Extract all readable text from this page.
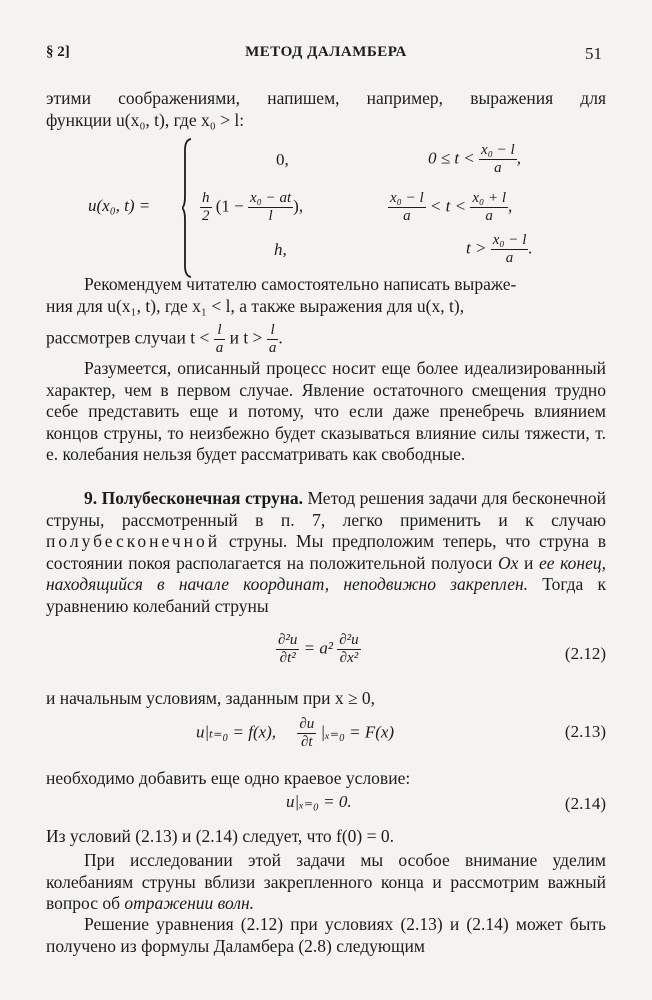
§ 2]	МЕТОД ДАЛАМБЕРА	51
этими соображениями, напишем, например, выражения для
функции u(x₀, t), где x₀ > l:
u(x₀, t) =
0,	$0 \le t < \frac{\text{x₀ − l}}{a}$ ,
$\frac{h}{2} (1 - \frac{\text{x₀ − at}}{l}$ ),	$\frac{\text{x₀ − l}}{a} < t < \frac{\text{x₀ + l}}{a}$ ,
h,	$t > \frac{\text{x₀ − l}}{a}$ .
Рекомендуем читателю самостоятельно написать выраже-
ния для u(x₁, t), где x₁ < l, а также выражения для u(x, t),
рассмотрев случаи $t < \frac{l}{a}$ и $t > \frac{l}{a}$ .
Разумеется, описанный процесс носит еще более идеализированный характер, чем в первом случае. Явление остаточного смещения трудно себе представить еще и потому, что если даже пренебречь влиянием концов струны, то неизбежно будет сказываться влияние силы тяжести, т. е. колебания нельзя будет рассматривать как свободные.
9. Полубесконечная струна. Метод решения задачи для бесконечной струны, рассмотренный в п. 7, легко применить и к случаю полубесконечной струны. Мы предположим теперь, что струна в состоянии покоя располагается на положительной полуоси Ox и ее конец, находящийся в начале координат, неподвижно закреплен. Тогда к уравнению колебаний струны
$\frac{\text{∂²u}}{\text{∂t²}} = a^2 \frac{\text{∂²u}}{\text{∂x²}}$	(2.12)
и начальным условиям, заданным при x ≥ 0,
u|ₜ₌₀ = f(x), $\frac{\partial u}{\partial t} |_{x=0} = F(x)$	(2.13)
необходимо добавить еще одно краевое условие:
u|ₓ₌₀ = 0.	(2.14)
Из условий (2.13) и (2.14) следует, что f(0) = 0.
При исследовании этой задачи мы особое внимание уделим колебаниям струны вблизи закрепленного конца и рассмотрим важный вопрос об отражении волн.
Решение уравнения (2.12) при условиях (2.13) и (2.14) может быть получено из формулы Даламбера (2.8) следующим
